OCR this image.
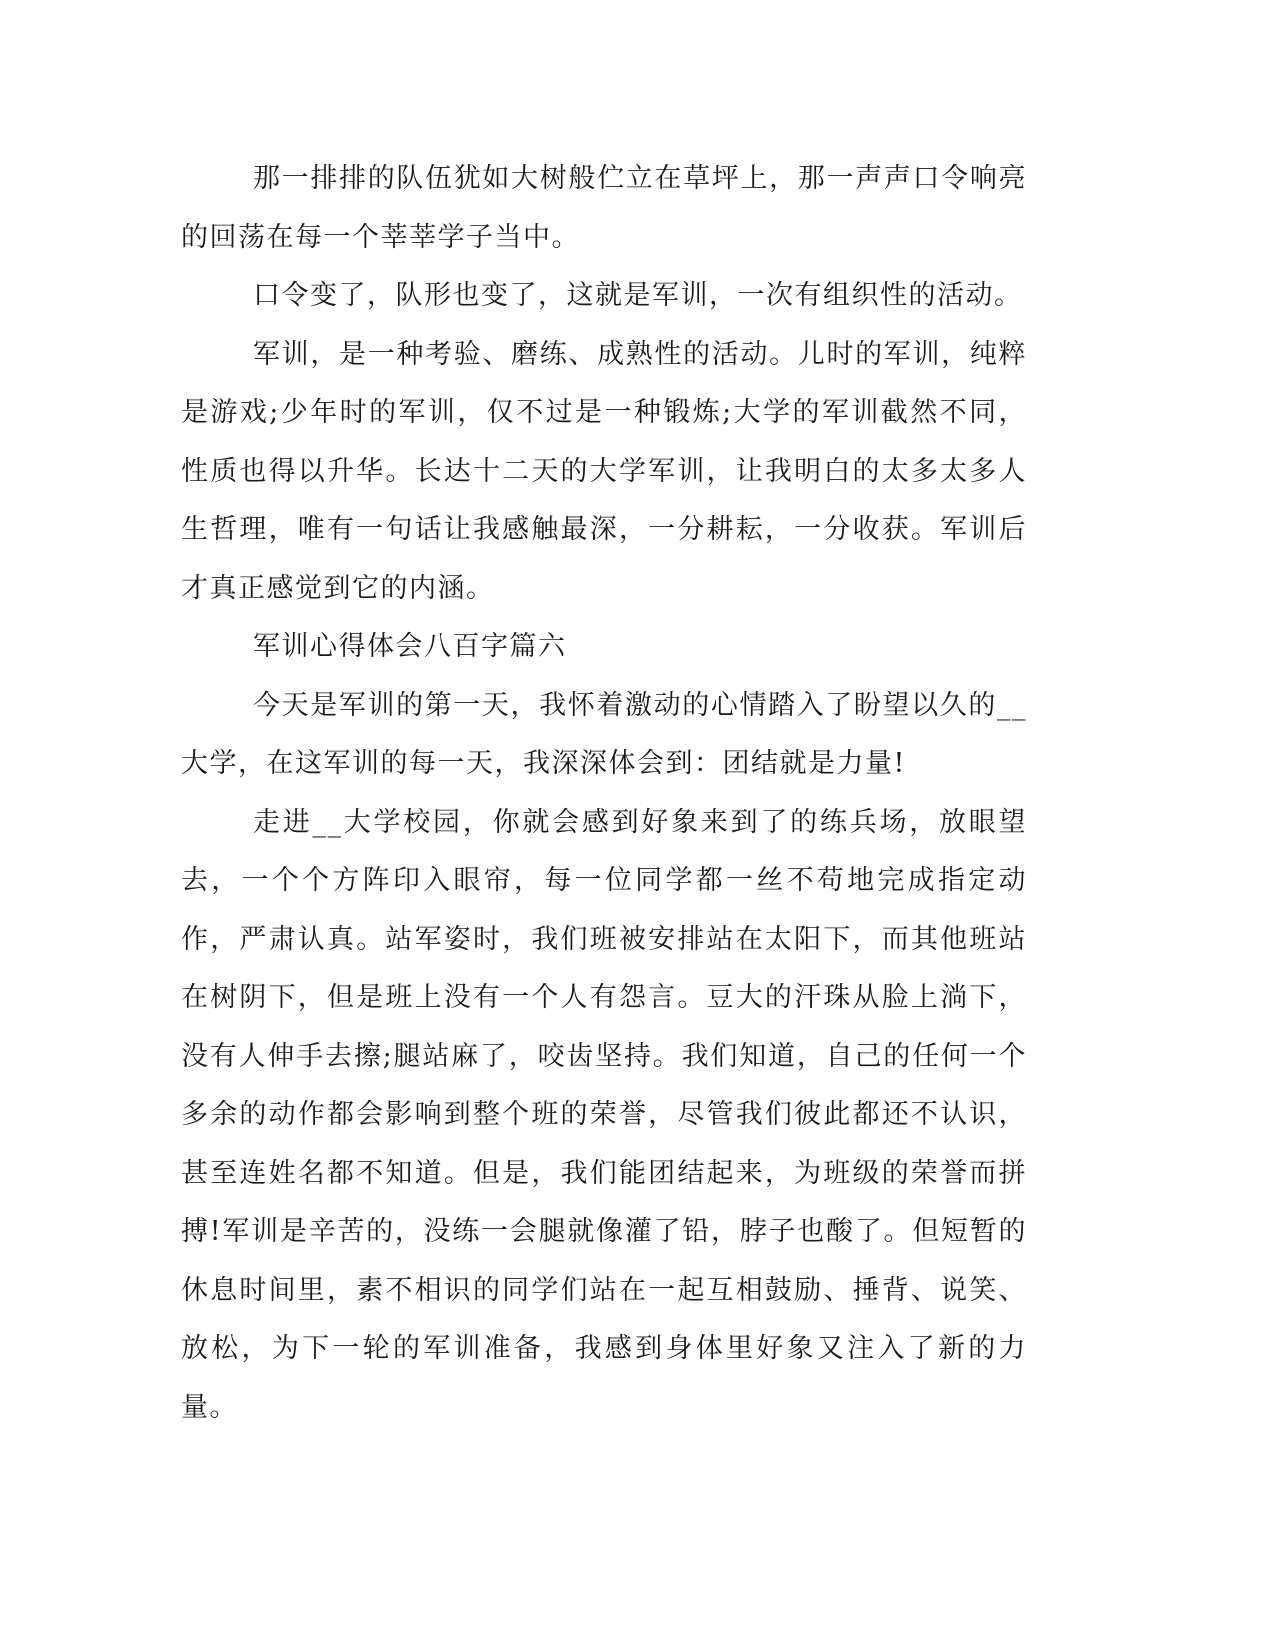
那一排排的队伍犹如大树般伫立在草坪上，那一声声口令响亮的回荡在每一个莘莘学子当中。

口令变了，队形也变了，这就是军训，一次有组织性的活动。

军训，是一种考验、磨练、成熟性的活动。儿时的军训，纯粹是游戏;少年时的军训，仅不过是一种锻炼;大学的军训截然不同，性质也得以升华。长达十二天的大学军训，让我明白的太多太多人生哲理，唯有一句话让我感触最深，一分耕耘，一分收获。军训后才真正感觉到它的内涵。

军训心得体会八百字篇六

今天是军训的第一天，我怀着激动的心情踏入了盼望以久的__大学，在这军训的每一天，我深深体会到：团结就是力量!

走进__大学校园，你就会感到好象来到了的练兵场，放眼望去，一个个方阵印入眼帘，每一位同学都一丝不苟地完成指定动作，严肃认真。站军姿时，我们班被安排站在太阳下，而其他班站在树阴下，但是班上没有一个人有怨言。豆大的汗珠从脸上淌下，没有人伸手去擦;腿站麻了，咬齿坚持。我们知道，自己的任何一个多余的动作都会影响到整个班的荣誉，尽管我们彼此都还不认识，甚至连姓名都不知道。但是，我们能团结起来，为班级的荣誉而拼搏!军训是辛苦的，没练一会腿就像灌了铅，脖子也酸了。但短暂的休息时间里，素不相识的同学们站在一起互相鼓励、捶背、说笑、放松，为下一轮的军训准备，我感到身体里好象又注入了新的力量。
